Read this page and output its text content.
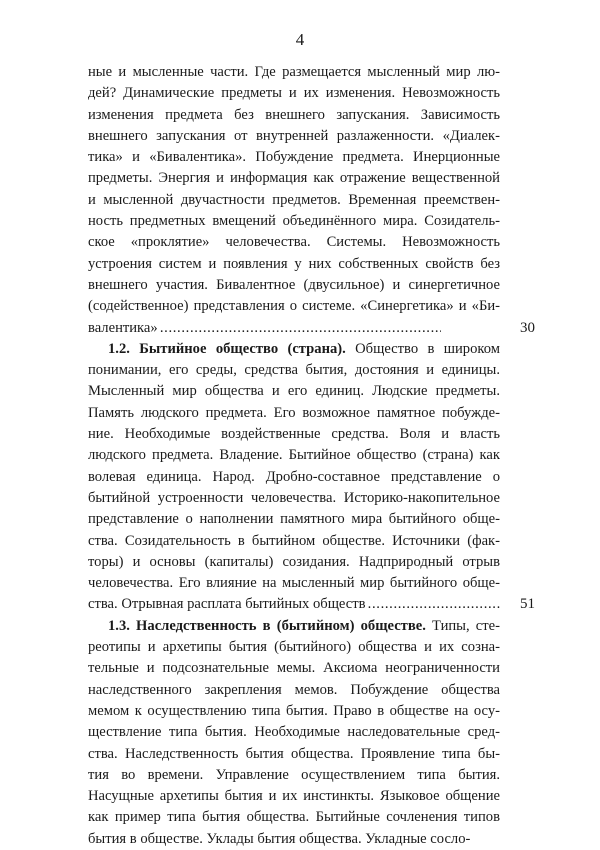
4
ные и мысленные части. Где размещается мысленный мир лю-
дей? Динамические предметы и их изменения. Невозможность
изменения предмета без внешнего запускания. Зависимость
внешнего запускания от внутренней разлаженности. «Диалек-
тика» и «Бивалентика». Побуждение предмета. Инерционные
предметы. Энергия и информация как отражение вещественной
и мысленной двучастности предметов. Временная преемствен-
ность предметных вмещений объединённого мира. Созидатель-
ское «проклятие» человечества. Системы. Невозможность
устроения систем и появления у них собственных свойств без
внешнего участия. Бивалентное (двусильное) и синергетичное
(содейственное) представления о системе. «Синергетика» и «Би-
валентика» . . .	30
1.2. Бытийное общество (страна). Общество в широком
понимании, его среды, средства бытия, достояния и единицы.
Мысленный мир общества и его единиц. Людские предметы.
Память людского предмета. Его возможное памятное побужде-
ние. Необходимые воздейственные средства. Воля и власть
людского предмета. Владение. Бытийное общество (страна) как
волевая единица. Народ. Дробно-составное представление о
бытийной устроенности человечества. Историко-накопительное
представление о наполнении памятного мира бытийного обще-
ства. Созидательность в бытийном обществе. Источники (фак-
торы) и основы (капиталы) созидания. Надприродный отрыв
человечества. Его влияние на мысленный мир бытийного обще-
ства. Отрывная расплата бытийных обществ . . .	51
1.3. Наследственность в (бытийном) обществе. Типы, сте-
реотипы и архетипы бытия (бытийного) общества и их созна-
тельные и подсознательные мемы. Аксиома неограниченности
наследственного закрепления мемов. Побуждение общества
мемом к осуществлению типа бытия. Право в обществе на осу-
ществление типа бытия. Необходимые наследовательные сред-
ства. Наследственность бытия общества. Проявление типа бы-
тия во времени. Управление осуществлением типа бытия.
Насущные архетипы бытия и их инстинкты. Языковое общение
как пример типа бытия общества. Бытийные сочленения типов
бытия в обществе. Уклады бытия общества. Укладные сосло-
